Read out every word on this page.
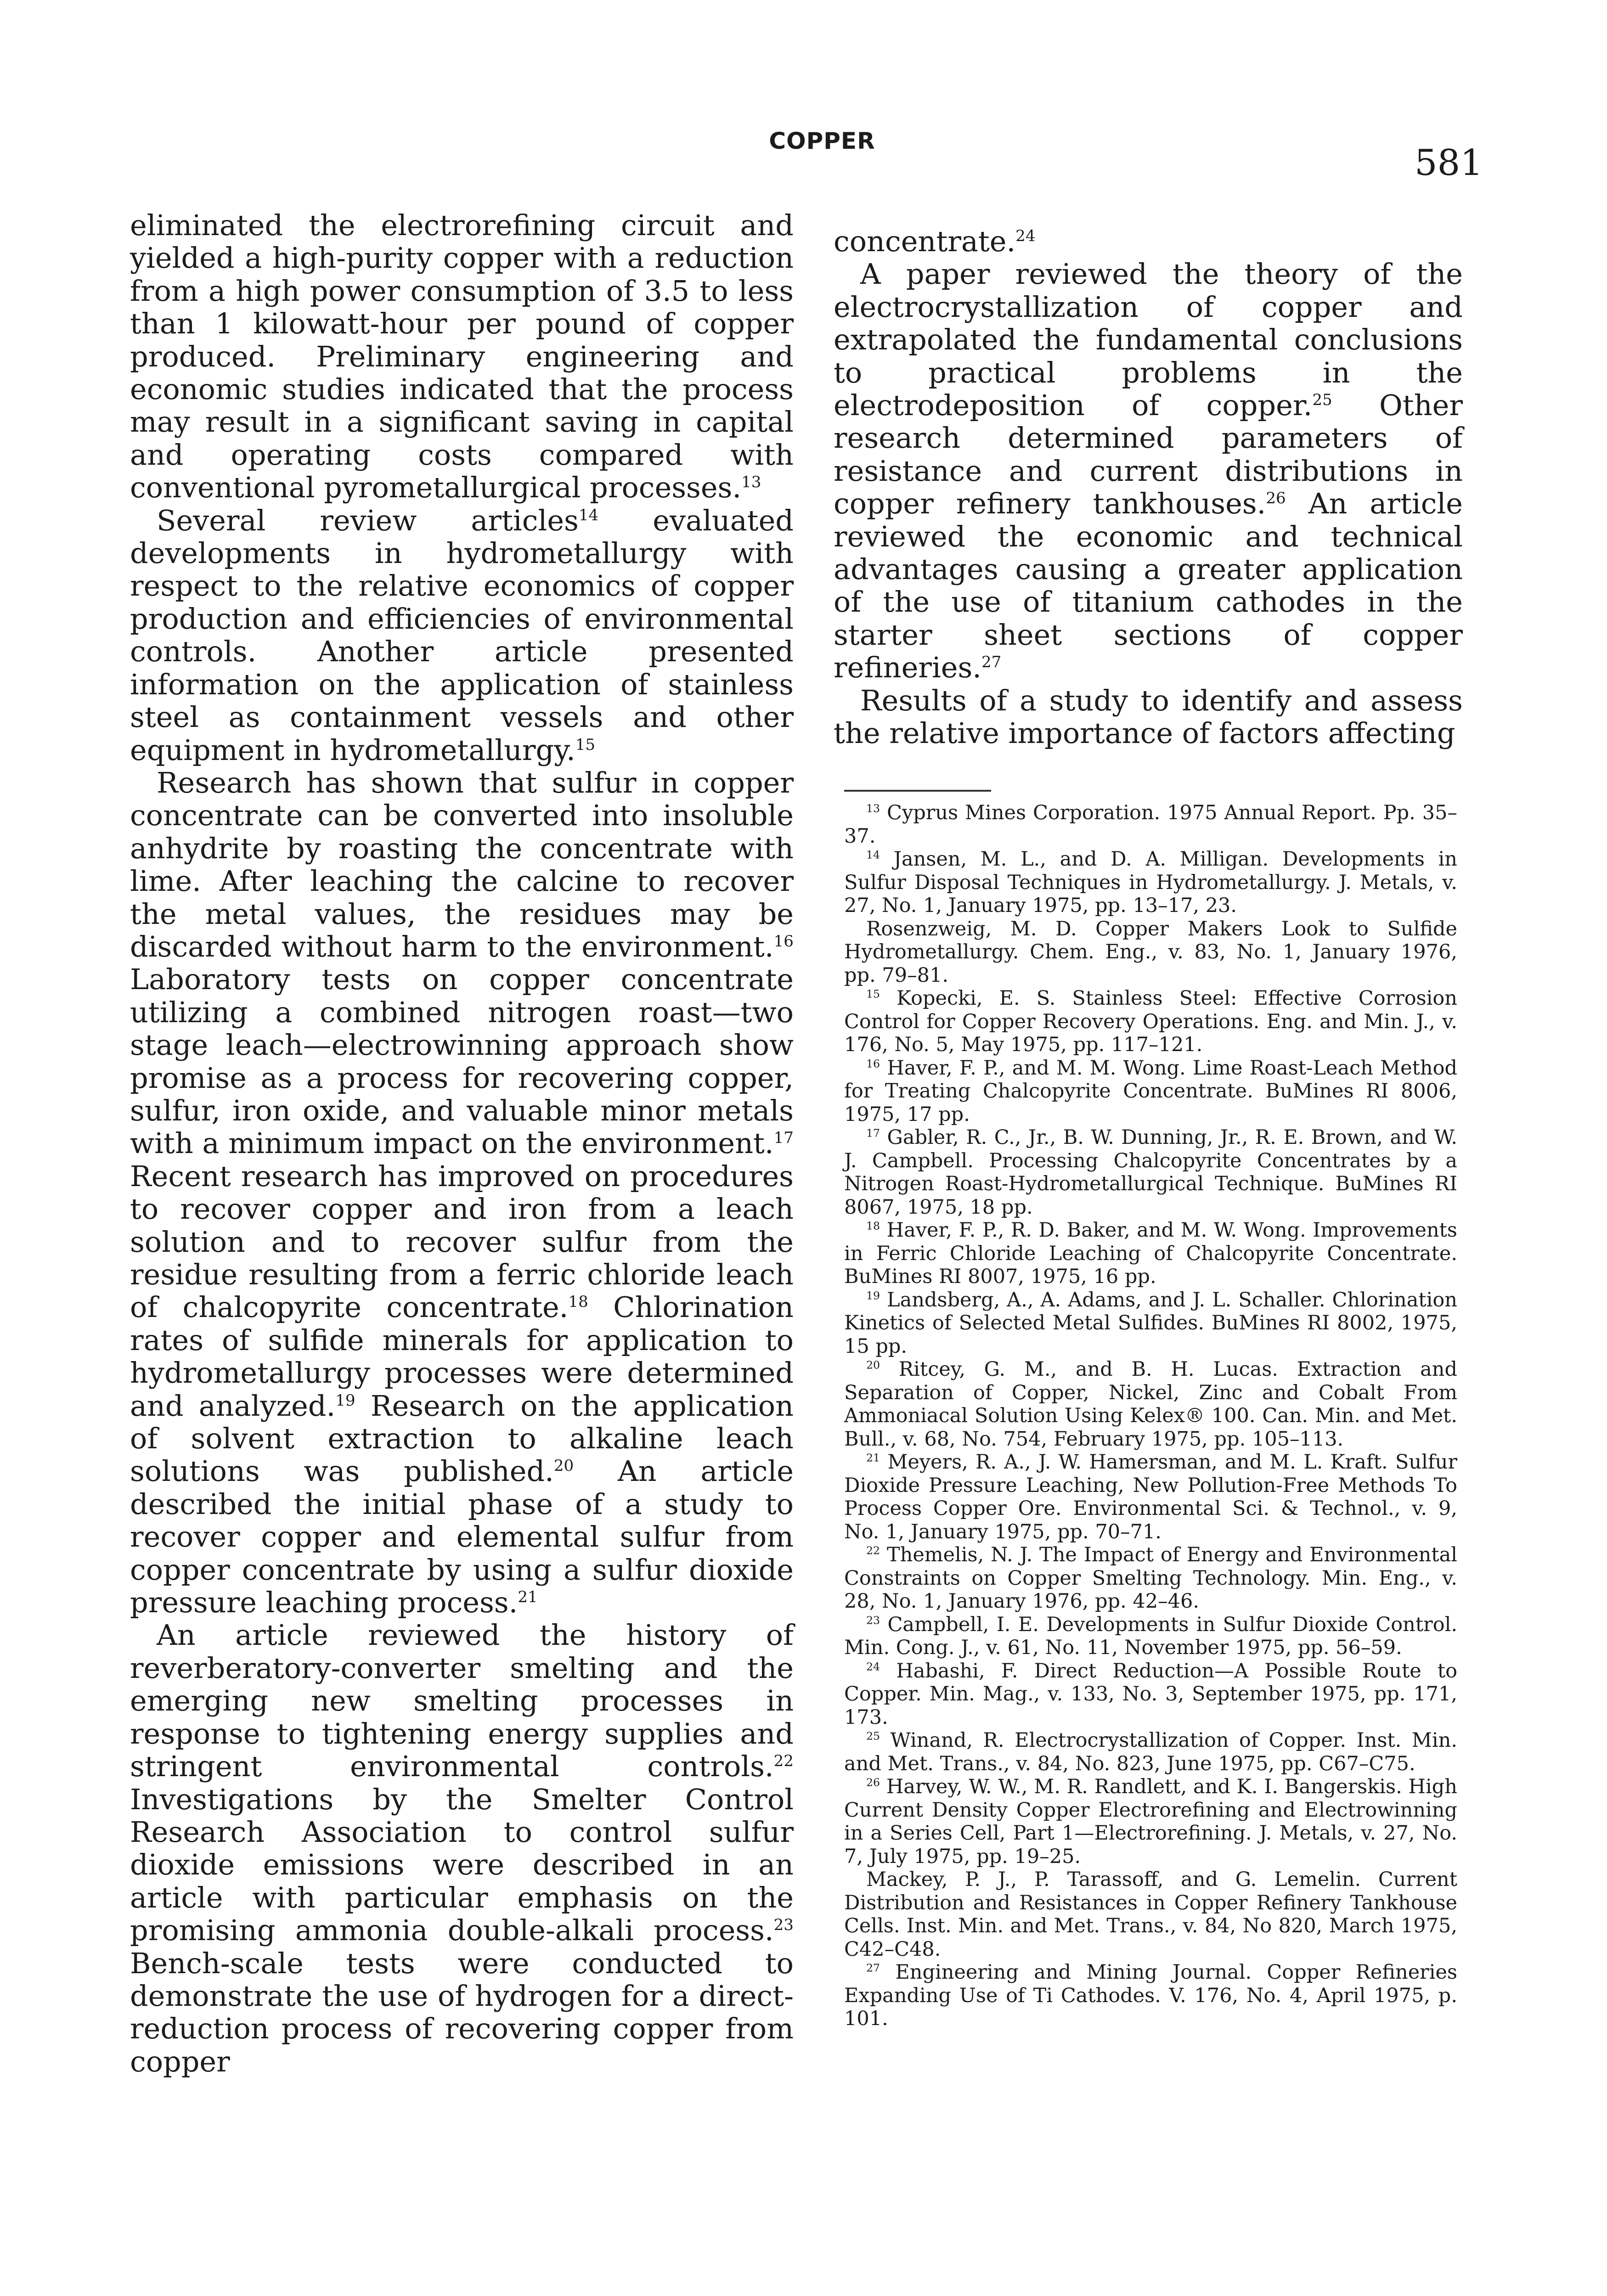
COPPER
581

eliminated the electrorefining circuit and yielded a high-purity copper with a reduction from a high power consumption of 3.5 to less than 1 kilowatt-hour per pound of copper produced. Preliminary engineering and economic studies indicated that the process may result in a significant saving in capital and operating costs compared with conventional pyrometallurgical processes.$^{13}$

Several review articles$^{14}$ evaluated developments in hydrometallurgy with respect to the relative economics of copper production and efficiencies of environmental controls. Another article presented information on the application of stainless steel as containment vessels and other equipment in hydrometallurgy.$^{15}$

Research has shown that sulfur in copper concentrate can be converted into insoluble anhydrite by roasting the concentrate with lime. After leaching the calcine to recover the metal values, the residues may be discarded without harm to the environment.$^{16}$ Laboratory tests on copper concentrate utilizing a combined nitrogen roast—two stage leach—electrowinning approach show promise as a process for recovering copper, sulfur, iron oxide, and valuable minor metals with a minimum impact on the environment.$^{17}$ Recent research has improved on procedures to recover copper and iron from a leach solution and to recover sulfur from the residue resulting from a ferric chloride leach of chalcopyrite concentrate.$^{18}$ Chlorination rates of sulfide minerals for application to hydrometallurgy processes were determined and analyzed.$^{19}$ Research on the application of solvent extraction to alkaline leach solutions was published.$^{20}$ An article described the initial phase of a study to recover copper and elemental sulfur from copper concentrate by using a sulfur dioxide pressure leaching process.$^{21}$

An article reviewed the history of reverberatory-converter smelting and the emerging new smelting processes in response to tightening energy supplies and stringent environmental controls.$^{22}$ Investigations by the Smelter Control Research Association to control sulfur dioxide emissions were described in an article with particular emphasis on the promising ammonia double-alkali process.$^{23}$ Bench-scale tests were conducted to demonstrate the use of hydrogen for a direct-reduction process of recovering copper from copper

concentrate.$^{24}$

A paper reviewed the theory of the electrocrystallization of copper and extrapolated the fundamental conclusions to practical problems in the electrodeposition of copper.$^{25}$ Other research determined parameters of resistance and current distributions in copper refinery tankhouses.$^{26}$ An article reviewed the economic and technical advantages causing a greater application of the use of titanium cathodes in the starter sheet sections of copper refineries.$^{27}$

Results of a study to identify and assess the relative importance of factors affecting

$^{13}$ Cyprus Mines Corporation. 1975 Annual Report. Pp. 35–37.

$^{14}$ Jansen, M. L., and D. A. Milligan. Developments in Sulfur Disposal Techniques in Hydrometallurgy. J. Metals, v. 27, No. 1, January 1975, pp. 13–17, 23.

Rosenzweig, M. D. Copper Makers Look to Sulfide Hydrometallurgy. Chem. Eng., v. 83, No. 1, January 1976, pp. 79–81.

$^{15}$ Kopecki, E. S. Stainless Steel: Effective Corrosion Control for Copper Recovery Operations. Eng. and Min. J., v. 176, No. 5, May 1975, pp. 117–121.

$^{16}$ Haver, F. P., and M. M. Wong. Lime Roast-Leach Method for Treating Chalcopyrite Concentrate. BuMines RI 8006, 1975, 17 pp.

$^{17}$ Gabler, R. C., Jr., B. W. Dunning, Jr., R. E. Brown, and W. J. Campbell. Processing Chalcopyrite Concentrates by a Nitrogen Roast-Hydrometallurgical Technique. BuMines RI 8067, 1975, 18 pp.

$^{18}$ Haver, F. P., R. D. Baker, and M. W. Wong. Improvements in Ferric Chloride Leaching of Chalcopyrite Concentrate. BuMines RI 8007, 1975, 16 pp.

$^{19}$ Landsberg, A., A. Adams, and J. L. Schaller. Chlorination Kinetics of Selected Metal Sulfides. BuMines RI 8002, 1975, 15 pp.

$^{20}$ Ritcey, G. M., and B. H. Lucas. Extraction and Separation of Copper, Nickel, Zinc and Cobalt From Ammoniacal Solution Using Kelex® 100. Can. Min. and Met. Bull., v. 68, No. 754, February 1975, pp. 105–113.

$^{21}$ Meyers, R. A., J. W. Hamersman, and M. L. Kraft. Sulfur Dioxide Pressure Leaching, New Pollution-Free Methods To Process Copper Ore. Environmental Sci. & Technol., v. 9, No. 1, January 1975, pp. 70–71.

$^{22}$ Themelis, N. J. The Impact of Energy and Environmental Constraints on Copper Smelting Technology. Min. Eng., v. 28, No. 1, January 1976, pp. 42–46.

$^{23}$ Campbell, I. E. Developments in Sulfur Dioxide Control. Min. Cong. J., v. 61, No. 11, November 1975, pp. 56–59.

$^{24}$ Habashi, F. Direct Reduction—A Possible Route to Copper. Min. Mag., v. 133, No. 3, September 1975, pp. 171, 173.

$^{25}$ Winand, R. Electrocrystallization of Copper. Inst. Min. and Met. Trans., v. 84, No. 823, June 1975, pp. C67–C75.

$^{26}$ Harvey, W. W., M. R. Randlett, and K. I. Bangerskis. High Current Density Copper Electrorefining and Electrowinning in a Series Cell, Part 1—Electrorefining. J. Metals, v. 27, No. 7, July 1975, pp. 19–25.

Mackey, P. J., P. Tarassoff, and G. Lemelin. Current Distribution and Resistances in Copper Refinery Tankhouse Cells. Inst. Min. and Met. Trans., v. 84, No 820, March 1975, C42–C48.

$^{27}$ Engineering and Mining Journal. Copper Refineries Expanding Use of Ti Cathodes. V. 176, No. 4, April 1975, p. 101.
